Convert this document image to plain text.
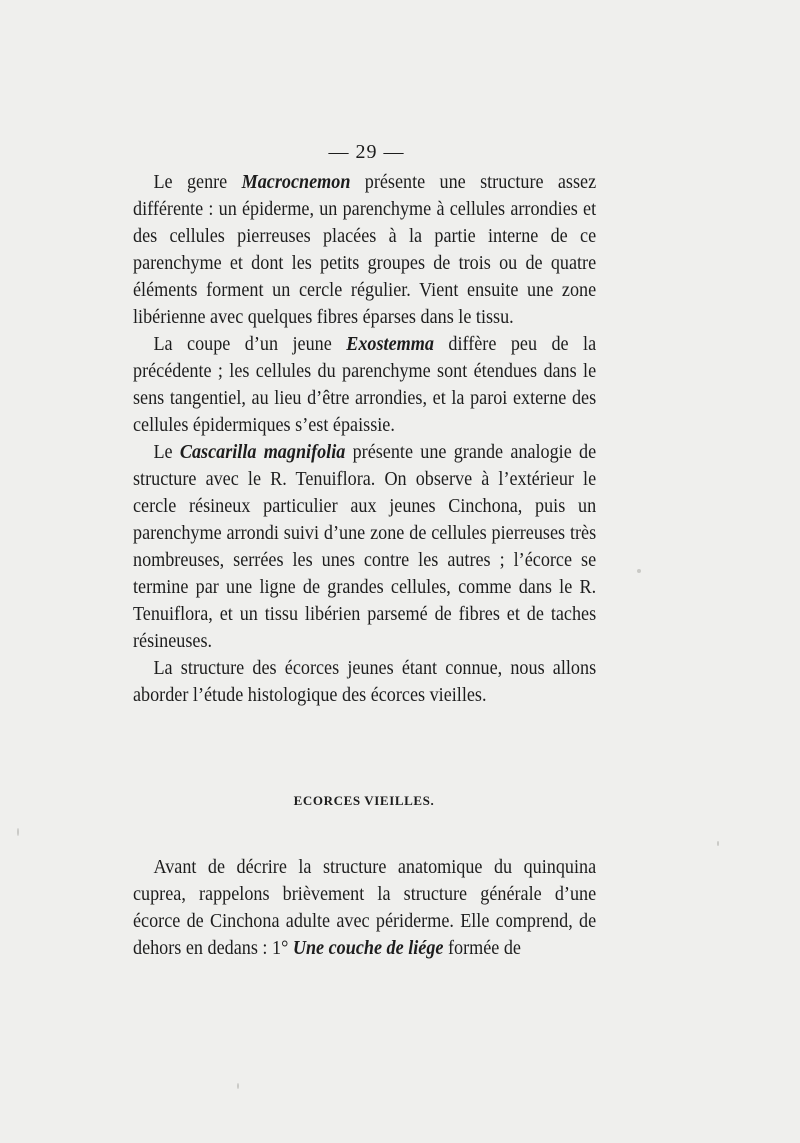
— 29 —

Le genre Macrocnemon présente une structure assez différente : un épiderme, un parenchyme à cellules arrondies et des cellules pierreuses placées à la partie interne de ce parenchyme et dont les petits groupes de trois ou de quatre éléments forment un cercle régulier. Vient ensuite une zone libérienne avec quelques fibres éparses dans le tissu.

La coupe d’un jeune Exostemma diffère peu de la précédente ; les cellules du parenchyme sont étendues dans le sens tangentiel, au lieu d’être arrondies, et la paroi externe des cellules épidermiques s’est épaissie.

Le Cascarilla magnifolia présente une grande analogie de structure avec le R. Tenuiflora. On observe à l’extérieur le cercle résineux particulier aux jeunes Cinchona, puis un parenchyme arrondi suivi d’une zone de cellules pierreuses très nombreuses, serrées les unes contre les autres ; l’écorce se termine par une ligne de grandes cellules, comme dans le R. Tenuiflora, et un tissu libérien parsemé de fibres et de taches résineuses.

La structure des écorces jeunes étant connue, nous allons aborder l’étude histologique des écorces vieilles.

ECORCES VIEILLES.

Avant de décrire la structure anatomique du quinquina cuprea, rappelons brièvement la structure générale d’une écorce de Cinchona adulte avec périderme. Elle comprend, de dehors en dedans : 1° Une couche de liége formée de
